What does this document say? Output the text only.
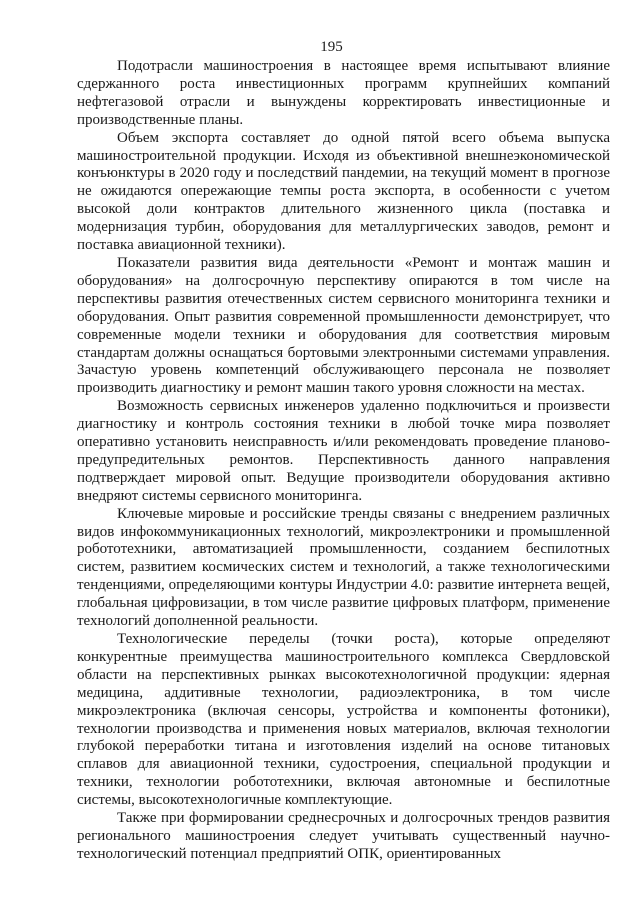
195

Подотрасли машиностроения в настоящее время испытывают влияние сдержанного роста инвестиционных программ крупнейших компаний нефтегазовой отрасли и вынуждены корректировать инвестиционные и производственные планы.

Объем экспорта составляет до одной пятой всего объема выпуска машиностроительной продукции. Исходя из объективной внешнеэкономической конъюнктуры в 2020 году и последствий пандемии, на текущий момент в прогнозе не ожидаются опережающие темпы роста экспорта, в особенности с учетом высокой доли контрактов длительного жизненного цикла (поставка и модернизация турбин, оборудования для металлургических заводов, ремонт и поставка авиационной техники).

Показатели развития вида деятельности «Ремонт и монтаж машин и оборудования» на долгосрочную перспективу опираются в том числе на перспективы развития отечественных систем сервисного мониторинга техники и оборудования. Опыт развития современной промышленности демонстрирует, что современные модели техники и оборудования для соответствия мировым стандартам должны оснащаться бортовыми электронными системами управления. Зачастую уровень компетенций обслуживающего персонала не позволяет производить диагностику и ремонт машин такого уровня сложности на местах.

Возможность сервисных инженеров удаленно подключиться и произвести диагностику и контроль состояния техники в любой точке мира позволяет оперативно установить неисправность и/или рекомендовать проведение планово-предупредительных ремонтов. Перспективность данного направления подтверждает мировой опыт. Ведущие производители оборудования активно внедряют системы сервисного мониторинга.

Ключевые мировые и российские тренды связаны с внедрением различных видов инфокоммуникационных технологий, микроэлектроники и промышленной робототехники, автоматизацией промышленности, созданием беспилотных систем, развитием космических систем и технологий, а также технологическими тенденциями, определяющими контуры Индустрии 4.0: развитие интернета вещей, глобальная цифровизации, в том числе развитие цифровых платформ, применение технологий дополненной реальности.

Технологические переделы (точки роста), которые определяют конкурентные преимущества машиностроительного комплекса Свердловской области на перспективных рынках высокотехнологичной продукции: ядерная медицина, аддитивные технологии, радиоэлектроника, в том числе микроэлектроника (включая сенсоры, устройства и компоненты фотоники), технологии производства и применения новых материалов, включая технологии глубокой переработки титана и изготовления изделий на основе титановых сплавов для авиационной техники, судостроения, специальной продукции и техники, технологии робототехники, включая автономные и беспилотные системы, высокотехнологичные комплектующие.

Также при формировании среднесрочных и долгосрочных трендов развития регионального машиностроения следует учитывать существенный научно-технологический потенциал предприятий ОПК, ориентированных
